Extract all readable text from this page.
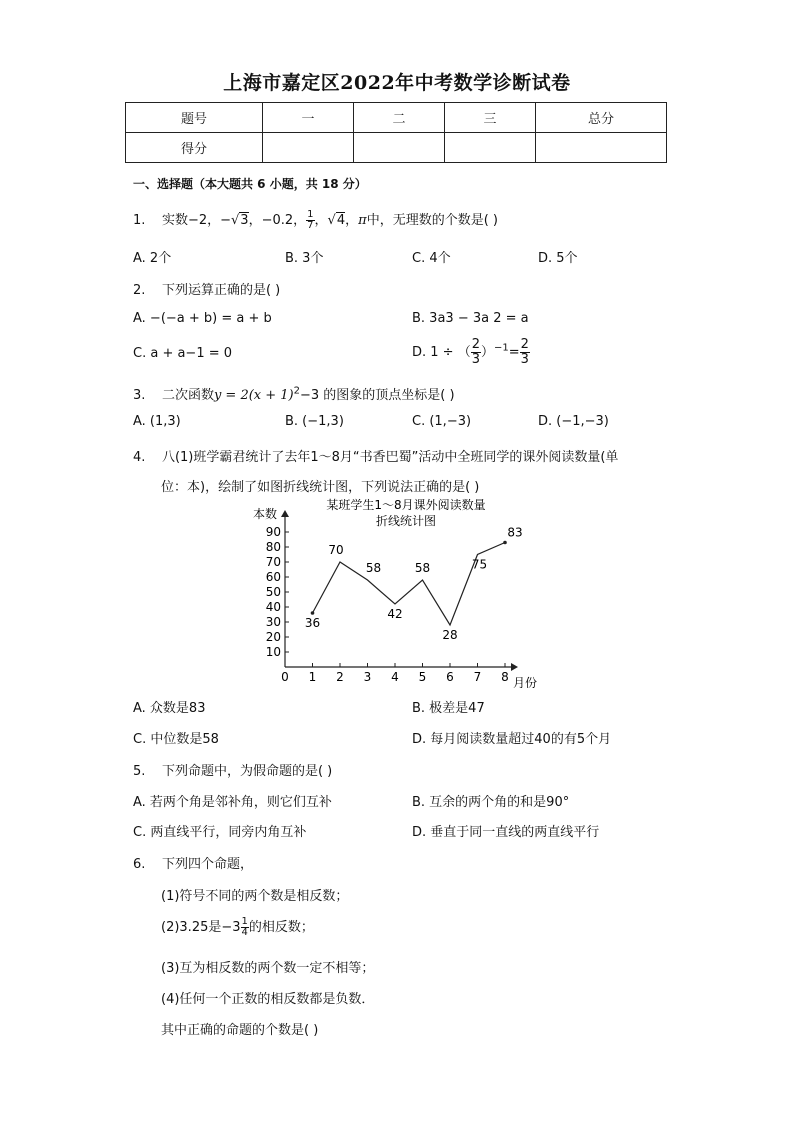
上海市嘉定区2022年中考数学诊断试卷
题号	一	二	三	总分
得分				
一、选择题（本大题共 6 小题，共 18 分）
1. 实数−2，−√3，−0.2， $\frac{1}{7}$ ，√4，π中，无理数的个数是( )
A. 2个	B. 3个	C. 4个	D. 5个
2. 下列运算正确的是( )
A. −(−a + b) = a + b	B. 3a3 − 3a 2 = a
C. a + a−1 = 0	D. 1 ÷ （ $\frac{2}{3} )^{-1}= \frac{2}{3}$
3. 二次函数$y = 2(x + 1)^2-3$ 的图象的顶点坐标是( )
A. (1,3)	B. (−1,3)	C. (1,−3)	D. (−1,−3)
4. 八(1)班学霸君统计了去年1～8月“书香巴蜀”活动中全班同学的课外阅读数量(单
位：本)，绘制了如图折线统计图，下列说法正确的是( )
某班学生1～8月课外阅读数量
折线统计图
本数
月份
10
20
30
40
50
60
70
80
90
0 1 2 3 4 5 6 7 8
36
70
58
42
58
28
75
83
A. 众数是83	B. 极差是47
C. 中位数是58	D. 每月阅读数量超过40的有5个月
5. 下列命题中，为假命题的是( )
A. 若两个角是邻补角，则它们互补	B. 互余的两个角的和是90°
C. 两直线平行，同旁内角互补	D. 垂直于同一直线的两直线平行
6. 下列四个命题，
(1)符号不同的两个数是相反数；
(2)3.25是$-3 \frac{1}{4}$ 的相反数；
(3)互为相反数的两个数一定不相等；
(4)任何一个正数的相反数都是负数．
其中正确的命题的个数是( )
